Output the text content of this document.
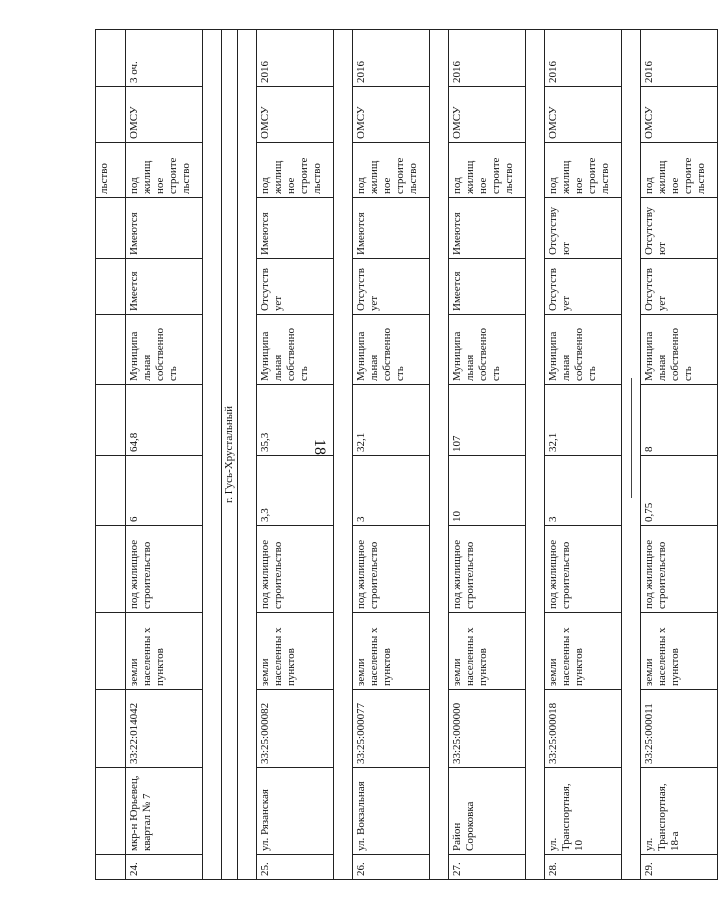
18
										льство		
24.	мкр-н Юрьевец, квартал № 7	33:22:014042	земли населенны х пунктов	под жилищное строительство	6	64,8	Муниципа льная собственно сть	Имеется	Имеются	под жилищ ное строите льство	ОМСУ	3 оч.

г. Гусь-Хрустальный												

25.	ул. Рязанская	33:25:000082	земли населенны х пунктов	под жилищное строительство	3,3	35,3	Муниципа льная собственно сть	Отсутств ует	Имеются	под жилищ ное строите льство	ОМСУ	2016

26.	ул. Вокзальная	33:25:000077	земли населенны х пунктов	под жилищное строительство	3	32,1	Муниципа льная собственно сть	Отсутств ует	Имеются	под жилищ ное строите льство	ОМСУ	2016

27.	Район Сороковка	33:25:000000	земли населенны х пунктов	под жилищное строительство	10	107	Муниципа льная собственно сть	Имеется	Имеются	под жилищ ное строите льство	ОМСУ	2016

28.	ул. Транспортная, 10	33:25:000018	земли населенны х пунктов	под жилищное строительство	3	32,1	Муниципа льная собственно сть	Отсутств ует	Отсутству ют	под жилищ ное строите льство	ОМСУ	2016

29.	ул. Транспортная, 18-а	33:25:000011	земли населенны х пунктов	под жилищное строительство	0,75	8	Муниципа льная собственно сть	Отсутств ует	Отсутству ют	под жилищ ное строите льство	ОМСУ	2016
